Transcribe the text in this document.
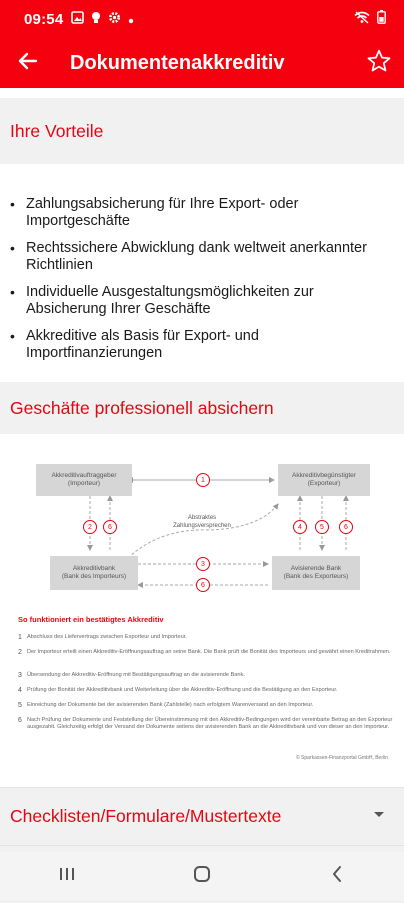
09:54
Dokumentenakkreditiv
Ihre Vorteile
• Zahlungsabsicherung für Ihre Export- oder Importgeschäfte
• Rechtssichere Abwicklung dank weltweit anerkannter Richtlinien
• Individuelle Ausgestaltungsmöglichkeiten zur Absicherung Ihrer Geschäfte
• Akkreditive als Basis für Export- und Importfinanzierungen
Geschäfte professionell absichern
Akkreditivauftraggeber
(Importeur)
Akkreditivbegünstigter
(Exporteur)
Akkreditivbank
(Bank des Importeurs)
Avisierende Bank
(Bank des Exporteurs)
Abstraktes
Zahlungsversprechen
1
2	6	4	5	6
3
6
So funktioniert ein bestätigtes Akkreditiv
1 Abschluss des Liefervertrags zwischen Exporteur und Importeur.
2 Der Importeur erteilt einen Akkreditiv-Eröffnungsauftrag an seine Bank. Die Bank prüft die Bonität des Importeurs und gewährt einen Kreditrahmen.
3 Übersendung der Akkreditiv-Eröffnung mit Bestätigungsauftrag an die avisierende Bank.
4 Prüfung der Bonität der Akkreditivbank und Weiterleitung über die Akkreditiv-Eröffnung und die Bestätigung an den Exporteur.
5 Einreichung der Dokumente bei der avisierenden Bank (Zahlstelle) nach erfolgtem Warenversand an den Importeur.
6 Nach Prüfung der Dokumente und Feststellung der Übereinstimmung mit den Akkreditiv-Bedingungen wird der vereinbarte Betrag an den Exporteur ausgezahlt. Gleichzeitig erfolgt der Versand der Dokumente seitens der avisierenden Bank an die Akkreditivbank und von dieser an den Importeur.
© Sparkassen-Finanzportal GmbH, Berlin
Checklisten/Formulare/Mustertexte
